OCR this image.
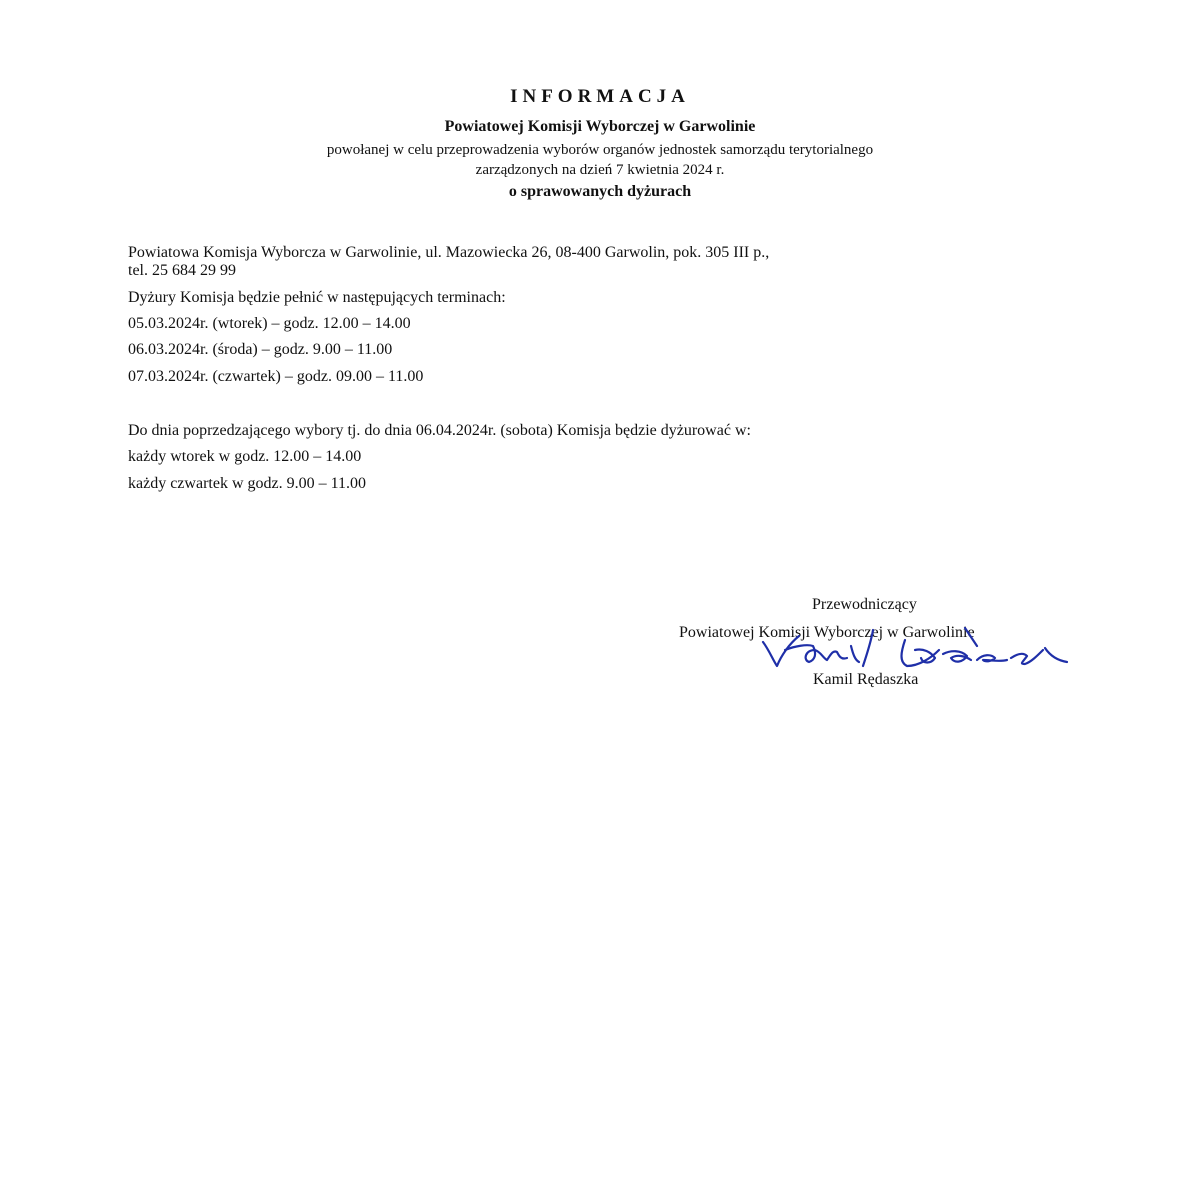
INFORMACJA
Powiatowej Komisji Wyborczej w Garwolinie
powołanej w celu przeprowadzenia wyborów organów jednostek samorządu terytorialnego
zarządzonych na dzień 7 kwietnia 2024 r.
o sprawowanych dyżurach
Powiatowa Komisja Wyborcza w Garwolinie, ul. Mazowiecka 26, 08-400 Garwolin, pok. 305 III p.,
tel. 25 684 29 99
Dyżury Komisja będzie pełnić w następujących terminach:
05.03.2024r. (wtorek) – godz. 12.00 – 14.00
06.03.2024r. (środa) – godz. 9.00 – 11.00
07.03.2024r. (czwartek) – godz. 09.00 – 11.00
Do dnia poprzedzającego wybory tj. do dnia 06.04.2024r. (sobota) Komisja będzie dyżurować w:
każdy wtorek w godz. 12.00 – 14.00
każdy czwartek w godz. 9.00 – 11.00
Przewodniczący
Powiatowej Komisji Wyborczej w Garwolinie
Kamil Rędaszka
